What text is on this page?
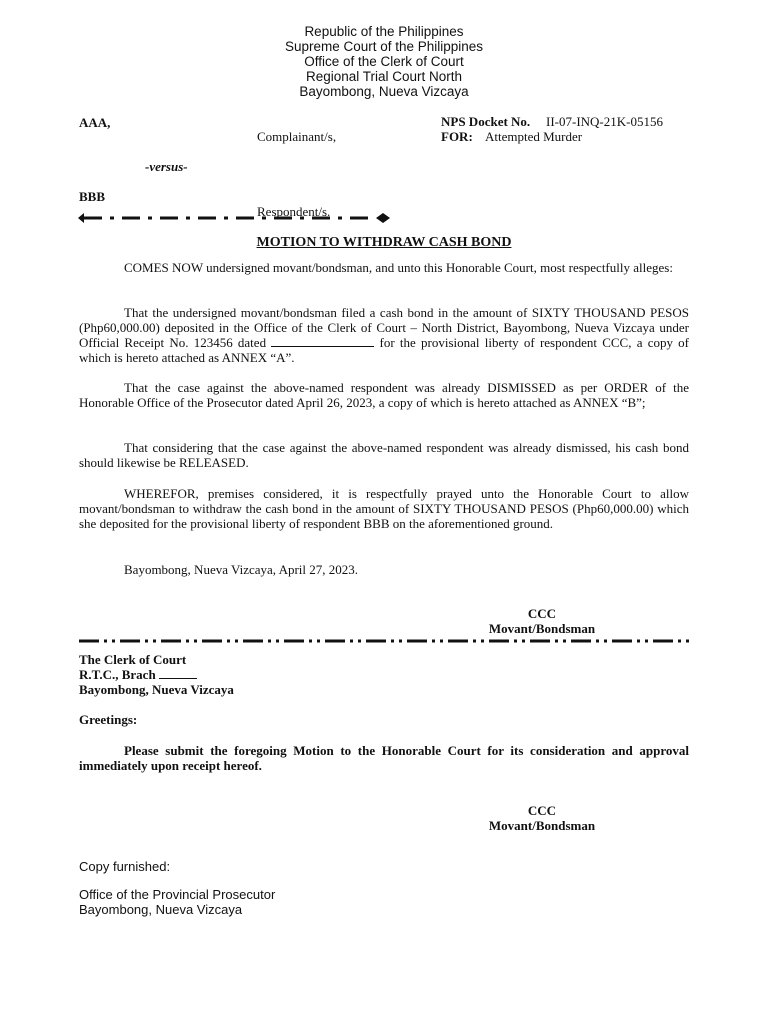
Republic of the Philippines
Supreme Court of the Philippines
Office of the Clerk of Court
Regional Trial Court North
Bayombong, Nueva Vizcaya
AAA,
Complainant/s,
NPS Docket No. II-07-INQ-21K-05156
FOR: Attempted Murder
-versus-
BBB
Respondent/s.
MOTION TO WITHDRAW CASH BOND
COMES NOW undersigned movant/bondsman, and unto this Honorable Court, most respectfully alleges:
That the undersigned movant/bondsman filed a cash bond in the amount of SIXTY THOUSAND PESOS (Php60,000.00) deposited in the Office of the Clerk of Court – North District, Bayombong, Nueva Vizcaya under Official Receipt No. 123456 dated	for the provisional liberty of respondent CCC, a copy of which is hereto attached as ANNEX “A”.
That the case against the above-named respondent was already DISMISSED as per ORDER of the Honorable Office of the Prosecutor dated April 26, 2023, a copy of which is hereto attached as ANNEX “B”;
That considering that the case against the above-named respondent was already dismissed, his cash bond should likewise be RELEASED.
WHEREFOR, premises considered, it is respectfully prayed unto the Honorable Court to allow movant/bondsman to withdraw the cash bond in the amount of SIXTY THOUSAND PESOS (Php60,000.00) which she deposited for the provisional liberty of respondent BBB on the aforementioned ground.
Bayombong, Nueva Vizcaya, April 27, 2023.
CCC
Movant/Bondsman
The Clerk of Court
R.T.C., Brach
Bayombong, Nueva Vizcaya
Greetings:
Please submit the foregoing Motion to the Honorable Court for its consideration and approval immediately upon receipt hereof.
CCC
Movant/Bondsman
Copy furnished:
Office of the Provincial Prosecutor
Bayombong, Nueva Vizcaya
